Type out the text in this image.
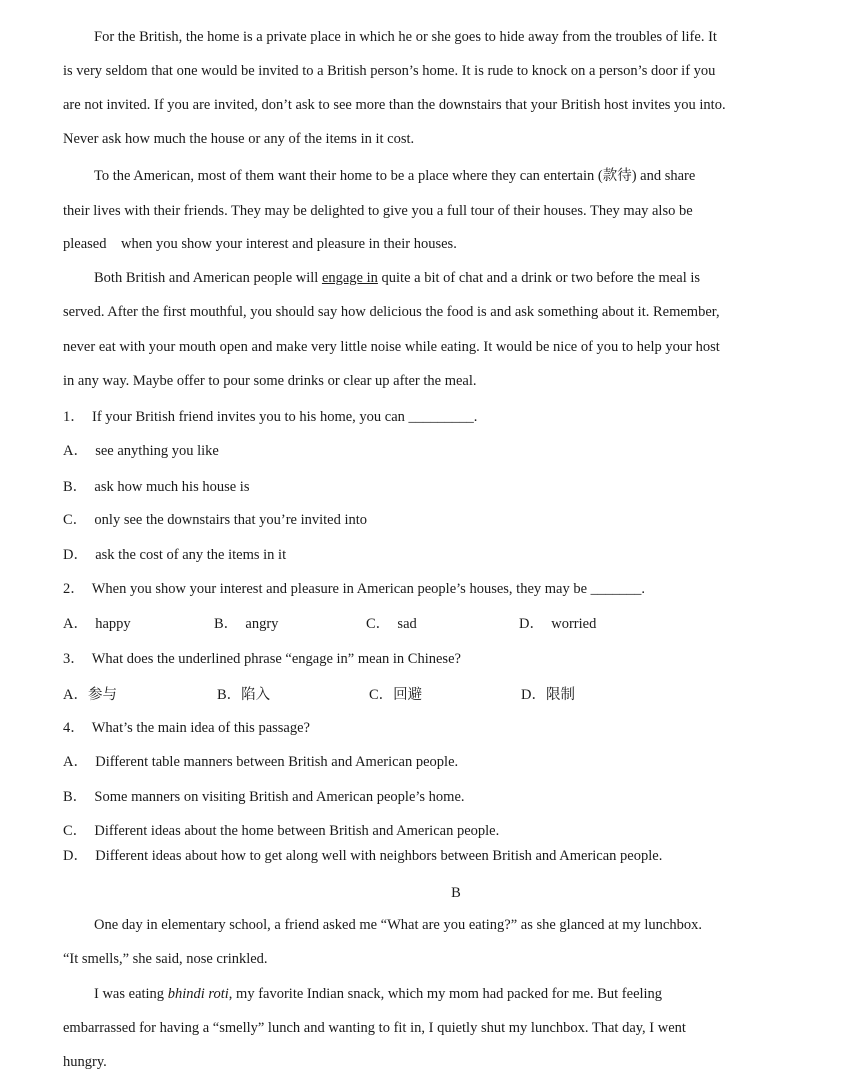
For the British, the home is a private place in which he or she goes to hide away from the troubles of life. It
is very seldom that one would be invited to a British person’s home. It is rude to knock on a person’s door if you
are not invited. If you are invited, don’t ask to see more than the downstairs that your British host invites you into.
Never ask how much the house or any of the items in it cost.
To the American, most of them want their home to be a place where they can entertain (款待) and share
their lives with their friends. They may be delighted to give you a full tour of their houses. They may also be
pleased    when you show your interest and pleasure in their houses.
Both British and American people will engage in quite a bit of chat and a drink or two before the meal is
served. After the first mouthful, you should say how delicious the food is and ask something about it. Remember,
never eat with your mouth open and make very little noise while eating. It would be nice of you to help your host
in any way. Maybe offer to pour some drinks or clear up after the meal.
1．  If your British friend invites you to his home, you can _________.
A．  see anything you like
B．  ask how much his house is
C．  only see the downstairs that you’re invited into
D．  ask the cost of any the items in it
2．  When you show your interest and pleasure in American people’s houses, they may be _______.
A．  happy	B．  angry	C．  sad	D．  worried
3．  What does the underlined phrase “engage in” mean in Chinese?
A．参与	B．陷入	C．回避	D．限制
4．  What’s the main idea of this passage?
A．  Different table manners between British and American people.
B．  Some manners on visiting British and American people’s home.
C．  Different ideas about the home between British and American people.
D．  Different ideas about how to get along well with neighbors between British and American people.
B
One day in elementary school, a friend asked me “What are you eating?” as she glanced at my lunchbox.
“It smells,” she said, nose crinkled.
I was eating bhindi roti, my favorite Indian snack, which my mom had packed for me. But feeling
embarrassed for having a “smelly” lunch and wanting to fit in, I quietly shut my lunchbox. That day, I went
hungry.
